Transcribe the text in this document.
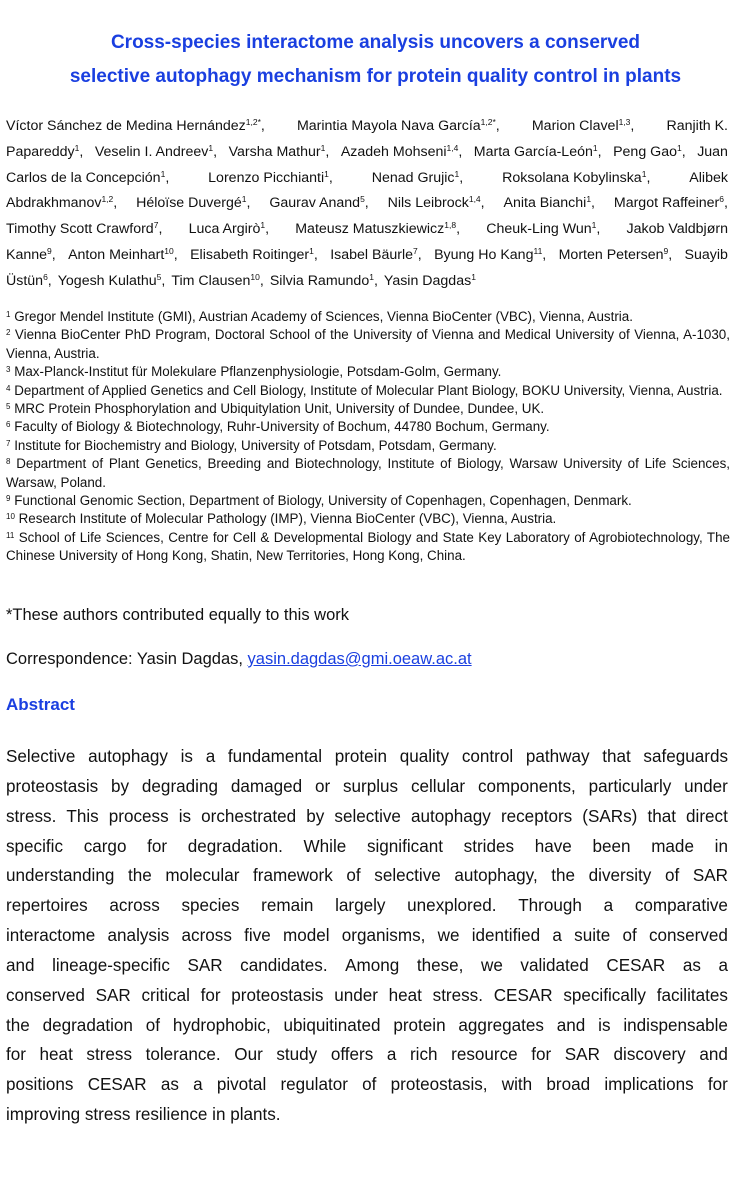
Cross-species interactome analysis uncovers a conserved
selective autophagy mechanism for protein quality control in plants
Víctor Sánchez de Medina Hernández$^{1,2*}$, Marintia Mayola Nava García$^{1,2*}$, Marion Clavel$^{1,3}$, Ranjith K.
Papareddy$^1$, Veselin I. Andreev$^1$, Varsha Mathur$^1$, Azadeh Mohseni$^{1,4}$, Marta García-León$^1$, Peng Gao$^1$, Juan
Carlos de la Concepción$^1$,	Lorenzo Picchianti$^1$,	Nenad Grujic$^1$,	Roksolana Kobylinska$^1$,	Alibek
Abdrakhmanov$^{1,2}$, Héloïse Duvergé$^1$, Gaurav Anand$^5$, Nils Leibrock$^{1,4}$, Anita Bianchi$^1$, Margot Raffeiner$^6$,
Timothy Scott Crawford$^7$, Luca Argirò$^1$, Mateusz Matuszkiewicz$^{1,8}$, Cheuk-Ling Wun$^1$, Jakob Valdbjørn
Kanne$^9$, Anton Meinhart$^{10}$, Elisabeth Roitinger$^1$, Isabel Bäurle$^7$, Byung Ho Kang$^{11}$, Morten Petersen$^9$, Suayib
Üstün$^6$, Yogesh Kulathu$^5$, Tim Clausen$^{10}$, Silvia Ramundo$^1$, Yasin Dagdas$^1$
$^1$ Gregor Mendel Institute (GMI), Austrian Academy of Sciences, Vienna BioCenter (VBC), Vienna, Austria.
$^2$ Vienna BioCenter PhD Program, Doctoral School of the University of Vienna and Medical University of Vienna, A-1030, Vienna, Austria.
$^3$ Max-Planck-Institut für Molekulare Pflanzenphysiologie, Potsdam-Golm, Germany.
$^4$ Department of Applied Genetics and Cell Biology, Institute of Molecular Plant Biology, BOKU University, Vienna, Austria.
$^5$ MRC Protein Phosphorylation and Ubiquitylation Unit, University of Dundee, Dundee, UK.
$^6$ Faculty of Biology & Biotechnology, Ruhr-University of Bochum, 44780 Bochum, Germany.
$^7$ Institute for Biochemistry and Biology, University of Potsdam, Potsdam, Germany.
$^8$ Department of Plant Genetics, Breeding and Biotechnology, Institute of Biology, Warsaw University of Life Sciences, Warsaw, Poland.
$^9$ Functional Genomic Section, Department of Biology, University of Copenhagen, Copenhagen, Denmark.
$^{10}$ Research Institute of Molecular Pathology (IMP), Vienna BioCenter (VBC), Vienna, Austria.
$^{11}$ School of Life Sciences, Centre for Cell & Developmental Biology and State Key Laboratory of Agrobiotechnology, The Chinese University of Hong Kong, Shatin, New Territories, Hong Kong, China.
*These authors contributed equally to this work
Correspondence: Yasin Dagdas, yasin.dagdas@gmi.oeaw.ac.at
Abstract
Selective autophagy is a fundamental protein quality control pathway that safeguards
proteostasis by degrading damaged or surplus cellular components, particularly under
stress. This process is orchestrated by selective autophagy receptors (SARs) that direct
specific cargo for degradation. While significant strides have been made in
understanding the molecular framework of selective autophagy, the diversity of SAR
repertoires across species remain largely unexplored. Through a comparative
interactome analysis across five model organisms, we identified a suite of conserved
and lineage-specific SAR candidates. Among these, we validated CESAR as a
conserved SAR critical for proteostasis under heat stress. CESAR specifically facilitates
the degradation of hydrophobic, ubiquitinated protein aggregates and is indispensable
for heat stress tolerance. Our study offers a rich resource for SAR discovery and
positions CESAR as a pivotal regulator of proteostasis, with broad implications for
improving stress resilience in plants.
